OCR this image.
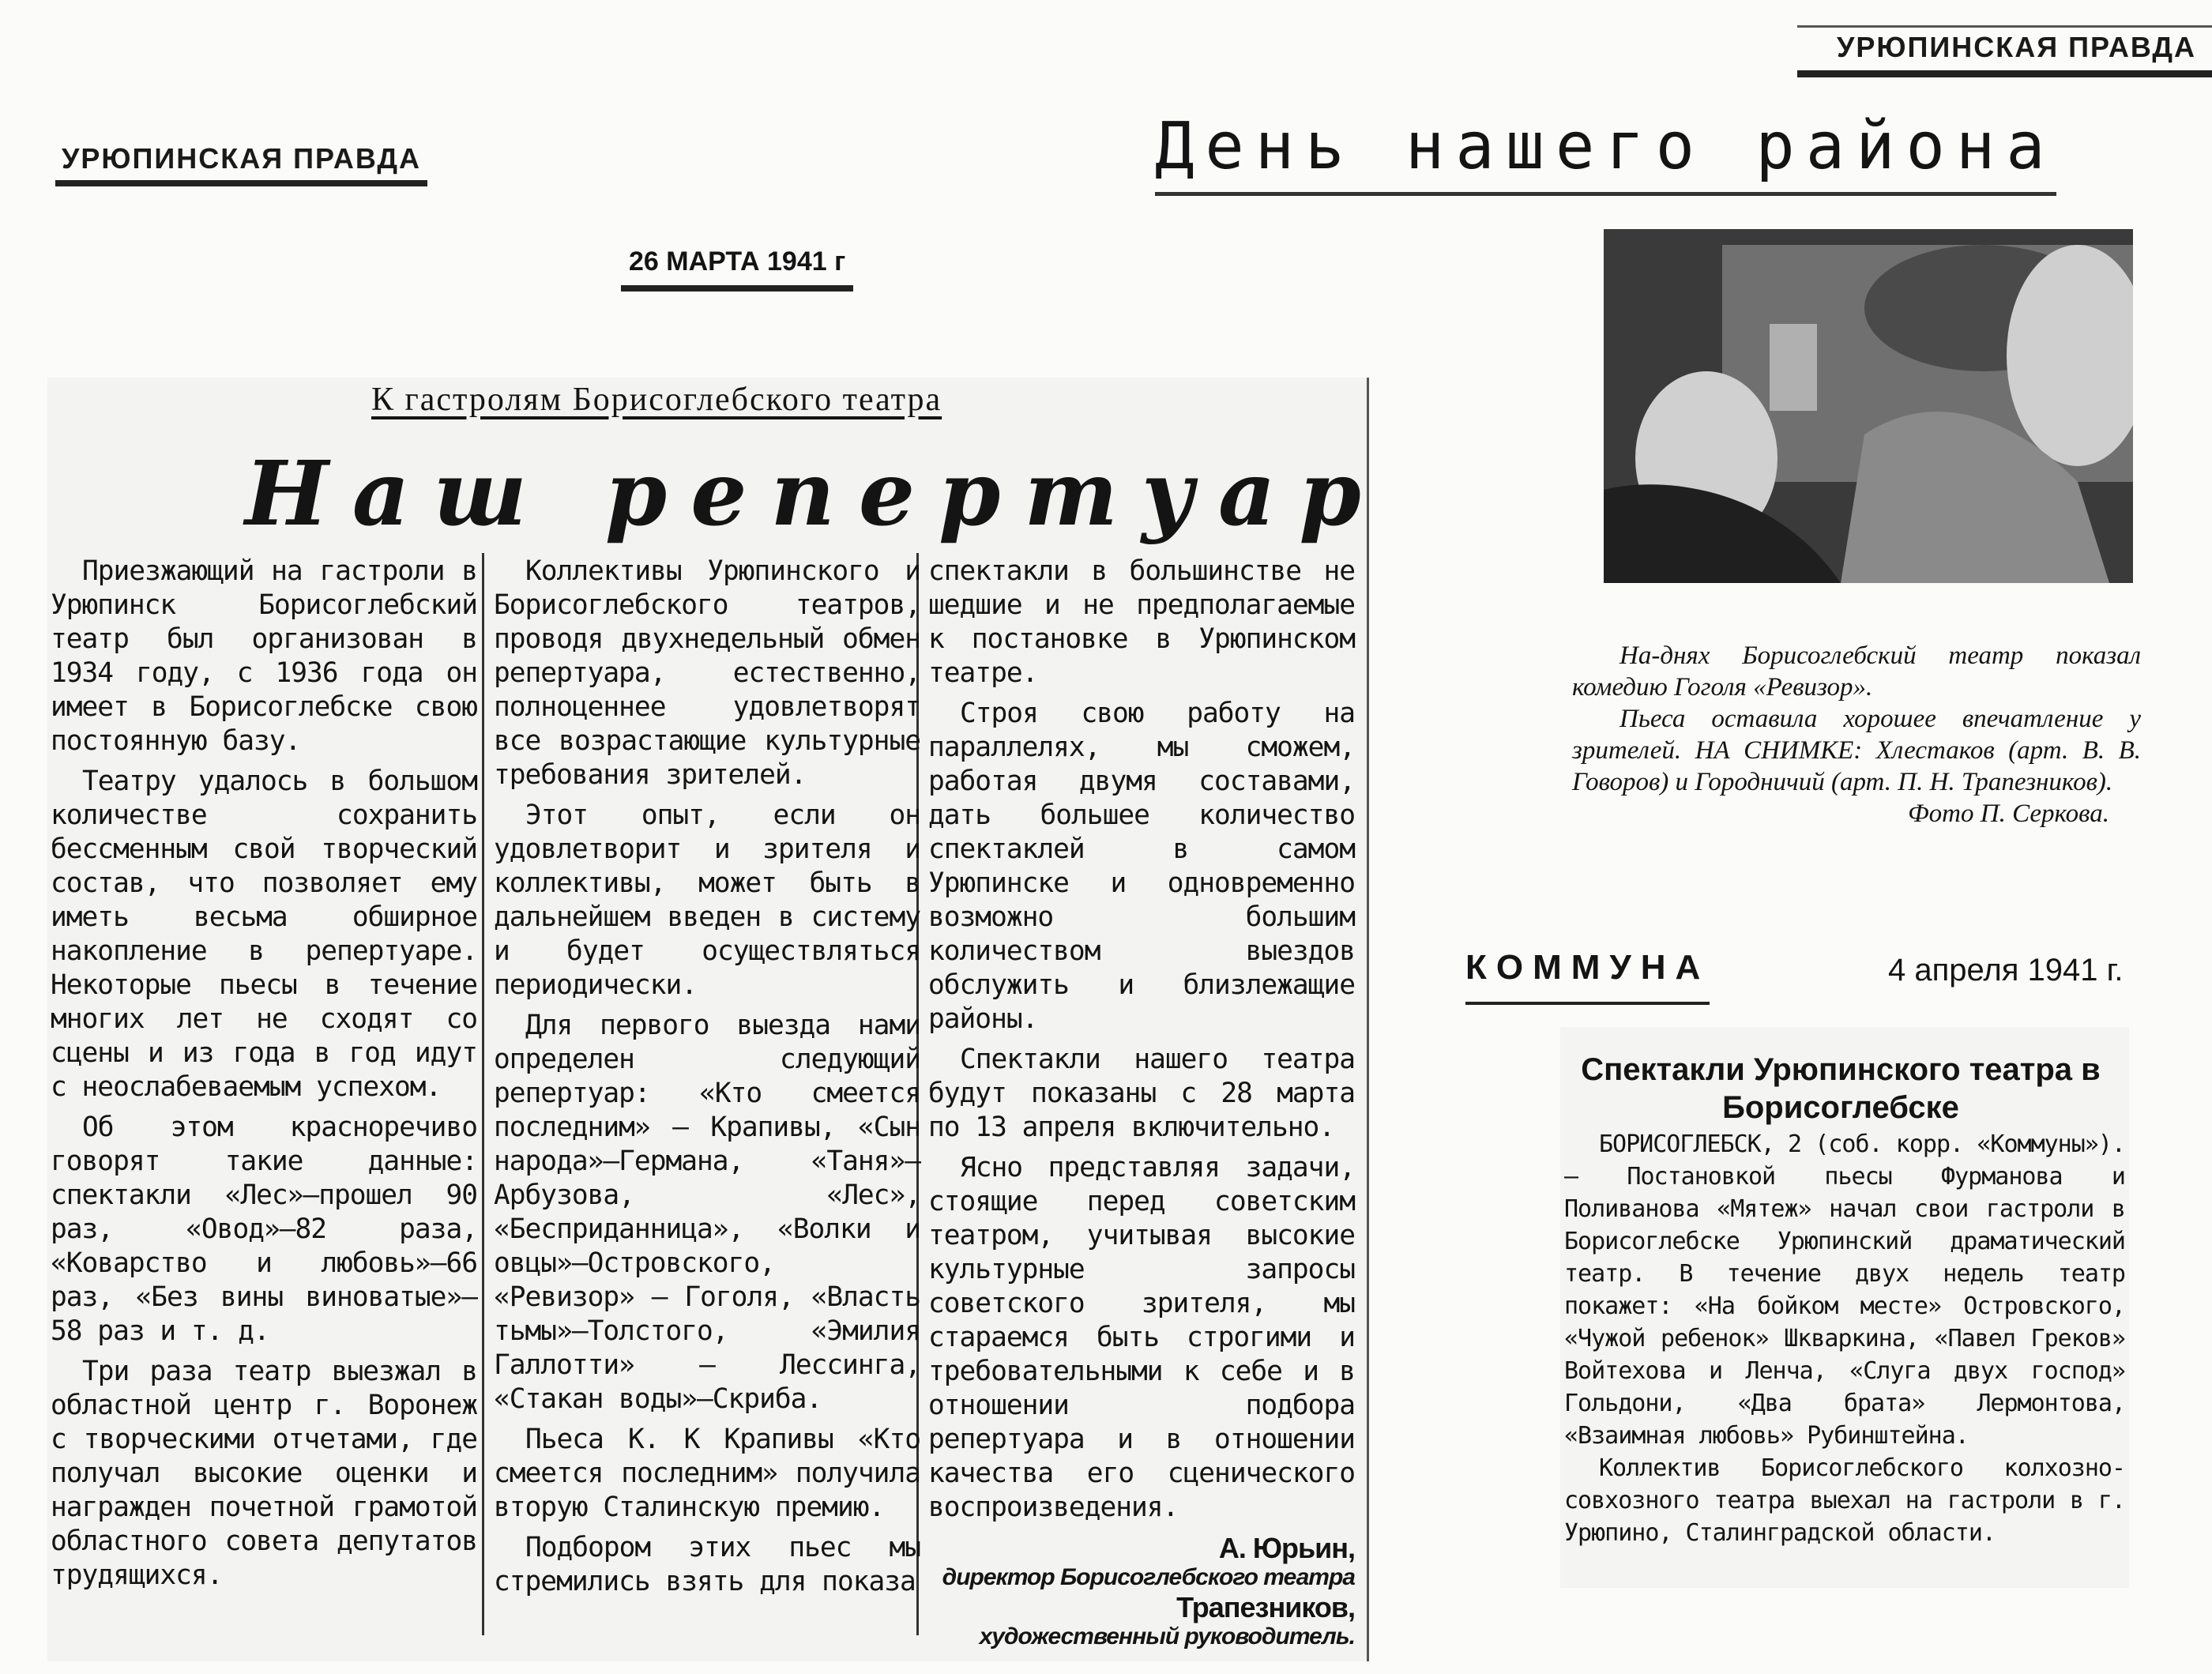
УРЮПИНСКАЯ ПРАВДА
УРЮПИНСКАЯ ПРАВДА
26 МАРТА 1941 г
День нашего района
К гастролям Борисоглебского театра
Наш репертуар

Приезжающий на гастроли в Урюпинск Борисоглебский театр был организован в 1934 году, с 1936 года он имеет в Борисоглебске свою постоянную базу.

Театру удалось в большом количестве сохранить бессменным свой творческий состав, что позволяет ему иметь весьма обширное накопление в репертуаре. Некоторые пьесы в течение многих лет не сходят со сцены и из года в год идут с неослабеваемым успехом.

Об этом красноречиво говорят такие данные: спектакли «Лес»—прошел 90 раз, «Овод»—82 раза, «Коварство и любовь»—66 раз, «Без вины виноватые»—58 раз и т. д.

Три раза театр выезжал в областной центр г. Воронеж с творческими отчетами, где получал высокие оценки и награжден почетной грамотой областного совета депутатов трудящихся.

Коллективы Урюпинского и Борисоглебского театров, проводя двухнедельный обмен репертуара, естественно, полноценнее удовлетворят все возрастающие культурные требования зрителей.

Этот опыт, если он удовлетворит и зрителя и коллективы, может быть в дальнейшем введен в систему и будет осуществляться периодически.

Для первого выезда нами определен следующий репертуар: «Кто смеется последним» — Крапивы, «Сын народа»—Германа, «Таня»—Арбузова, «Лес», «Бесприданница», «Волки и овцы»—Островского, «Ревизор» — Гоголя, «Власть тьмы»—Толстого, «Эмилия Галлотти» — Лессинга, «Стакан воды»—Скриба.

Пьеса К. К Крапивы «Кто смеется последним» получила вторую Сталинскую премию.

Подбором этих пьес мы стремились взять для показа

спектакли в большинстве не шедшие и не предполагаемые к постановке в Урюпинском театре.

Строя свою работу на параллелях, мы сможем, работая двумя составами, дать большее количество спектаклей в самом Урюпинске и одновременно возможно большим количеством выездов обслужить и близлежащие районы.

Спектакли нашего театра будут показаны с 28 марта по 13 апреля включительно.

Ясно представляя задачи, стоящие перед советским театром, учитывая высокие культурные запросы советского зрителя, мы стараемся быть строгими и требовательными к себе и в отношении подбора репертуара и в отношении качества его сценического воспроизведения.

А. Юрьин,
директор Борисоглебского театра
Трапезников,
художественный руководитель.

На-днях Борисоглебский театр показал комедию Гоголя «Ревизор».

Пьеса оставила хорошее впечатление у зрителей. НА СНИМКЕ: Хлестаков (арт. В. В. Говоров) и Городничий (арт. П. Н. Трапезников).

Фото П. Серкова.

КОММУНА	4 апреля 1941 г.
Спектакли Урюпинского театра в Борисоглебске

БОРИСОГЛЕБСК, 2 (соб. корр. «Коммуны»). — Постановкой пьесы Фурманова и Поливанова «Мятеж» начал свои гастроли в Борисоглебске Урюпинский драматический театр. В течение двух недель театр покажет: «На бойком месте» Островского, «Чужой ребенок» Шкваркина, «Павел Греков» Войтехова и Ленча, «Слуга двух господ» Гольдони, «Два брата» Лермонтова, «Взаимная любовь» Рубинштейна.

Коллектив Борисоглебского колхозно-совхозного театра выехал на гастроли в г. Урюпино, Сталинградской области.
